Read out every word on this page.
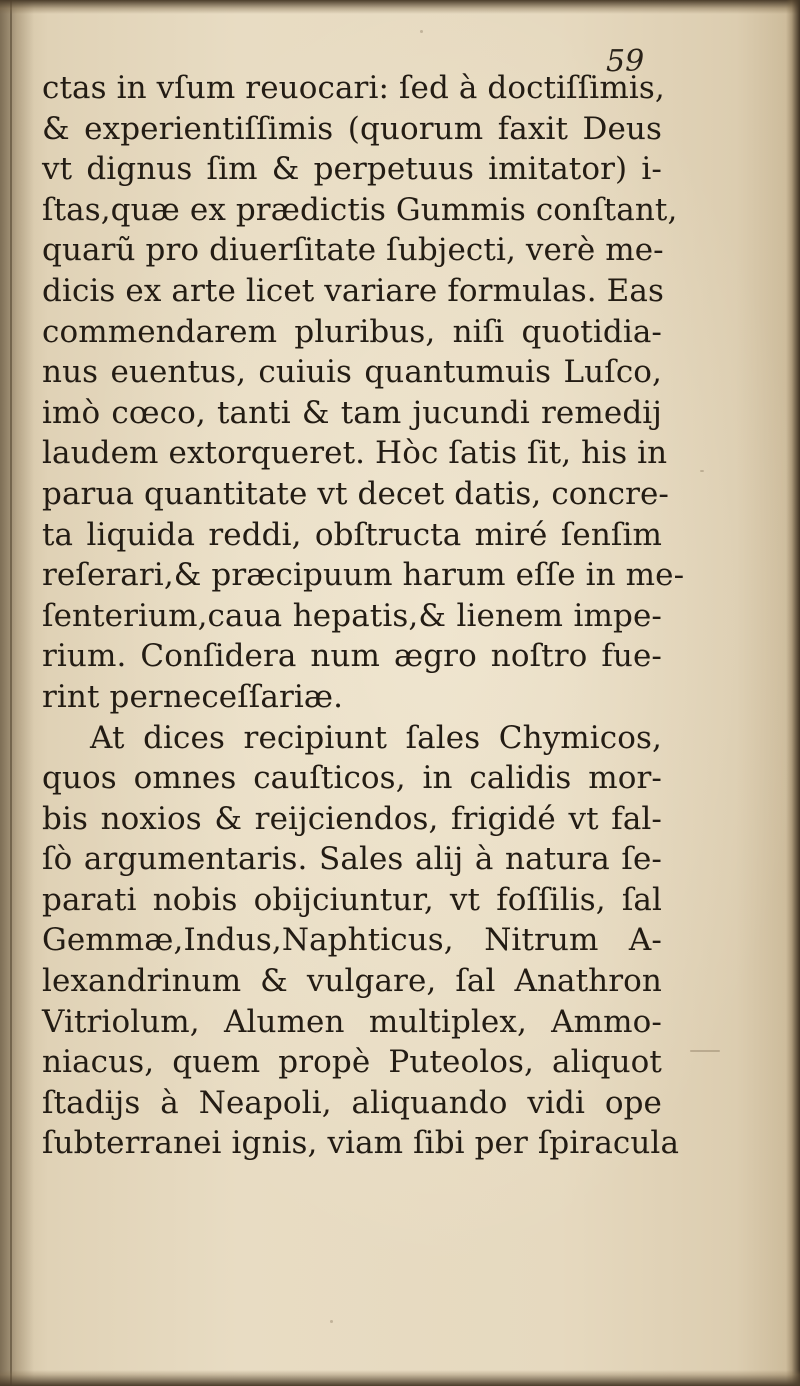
59
ctas in vſum reuocari: ſed à doctiſſimis,
& experientiſſimis (quorum faxit Deus
vt dignus ſim & perpetuus imitator) i-
ſtas,quæ ex prædictis Gummis conſtant,
quarũ pro diuerſitate ſubjecti, verè me-
dicis ex arte licet variare formulas. Eas
commendarem pluribus, niſi quotidia-
nus euentus, cuiuis quantumuis Luſco,
imò cœco, tanti & tam jucundi remedij
laudem extorqueret. Hòc ſatis ſit, his in
parua quantitate vt decet datis, concre-
ta liquida reddi, obſtructa miré ſenſim
reſerari,& præcipuum harum eſſe in me-
ſenterium,caua hepatis,& lienem impe-
rium. Conſidera num ægro noſtro fue-
rint perneceſſariæ.
At dices recipiunt ſales Chymicos,
quos omnes cauſticos, in calidis mor-
bis noxios & reijciendos, frigidé vt fal-
ſò argumentaris. Sales alij à natura ſe-
parati nobis obijciuntur, vt foſſilis, ſal
Gemmæ,Indus,Naphticus, Nitrum A-
lexandrinum & vulgare, ſal Anathron
Vitriolum, Alumen multiplex, Ammo-
niacus, quem propè Puteolos, aliquot
ſtadijs à Neapoli, aliquando vidi ope
ſubterranei ignis, viam ſibi per ſpiracula
